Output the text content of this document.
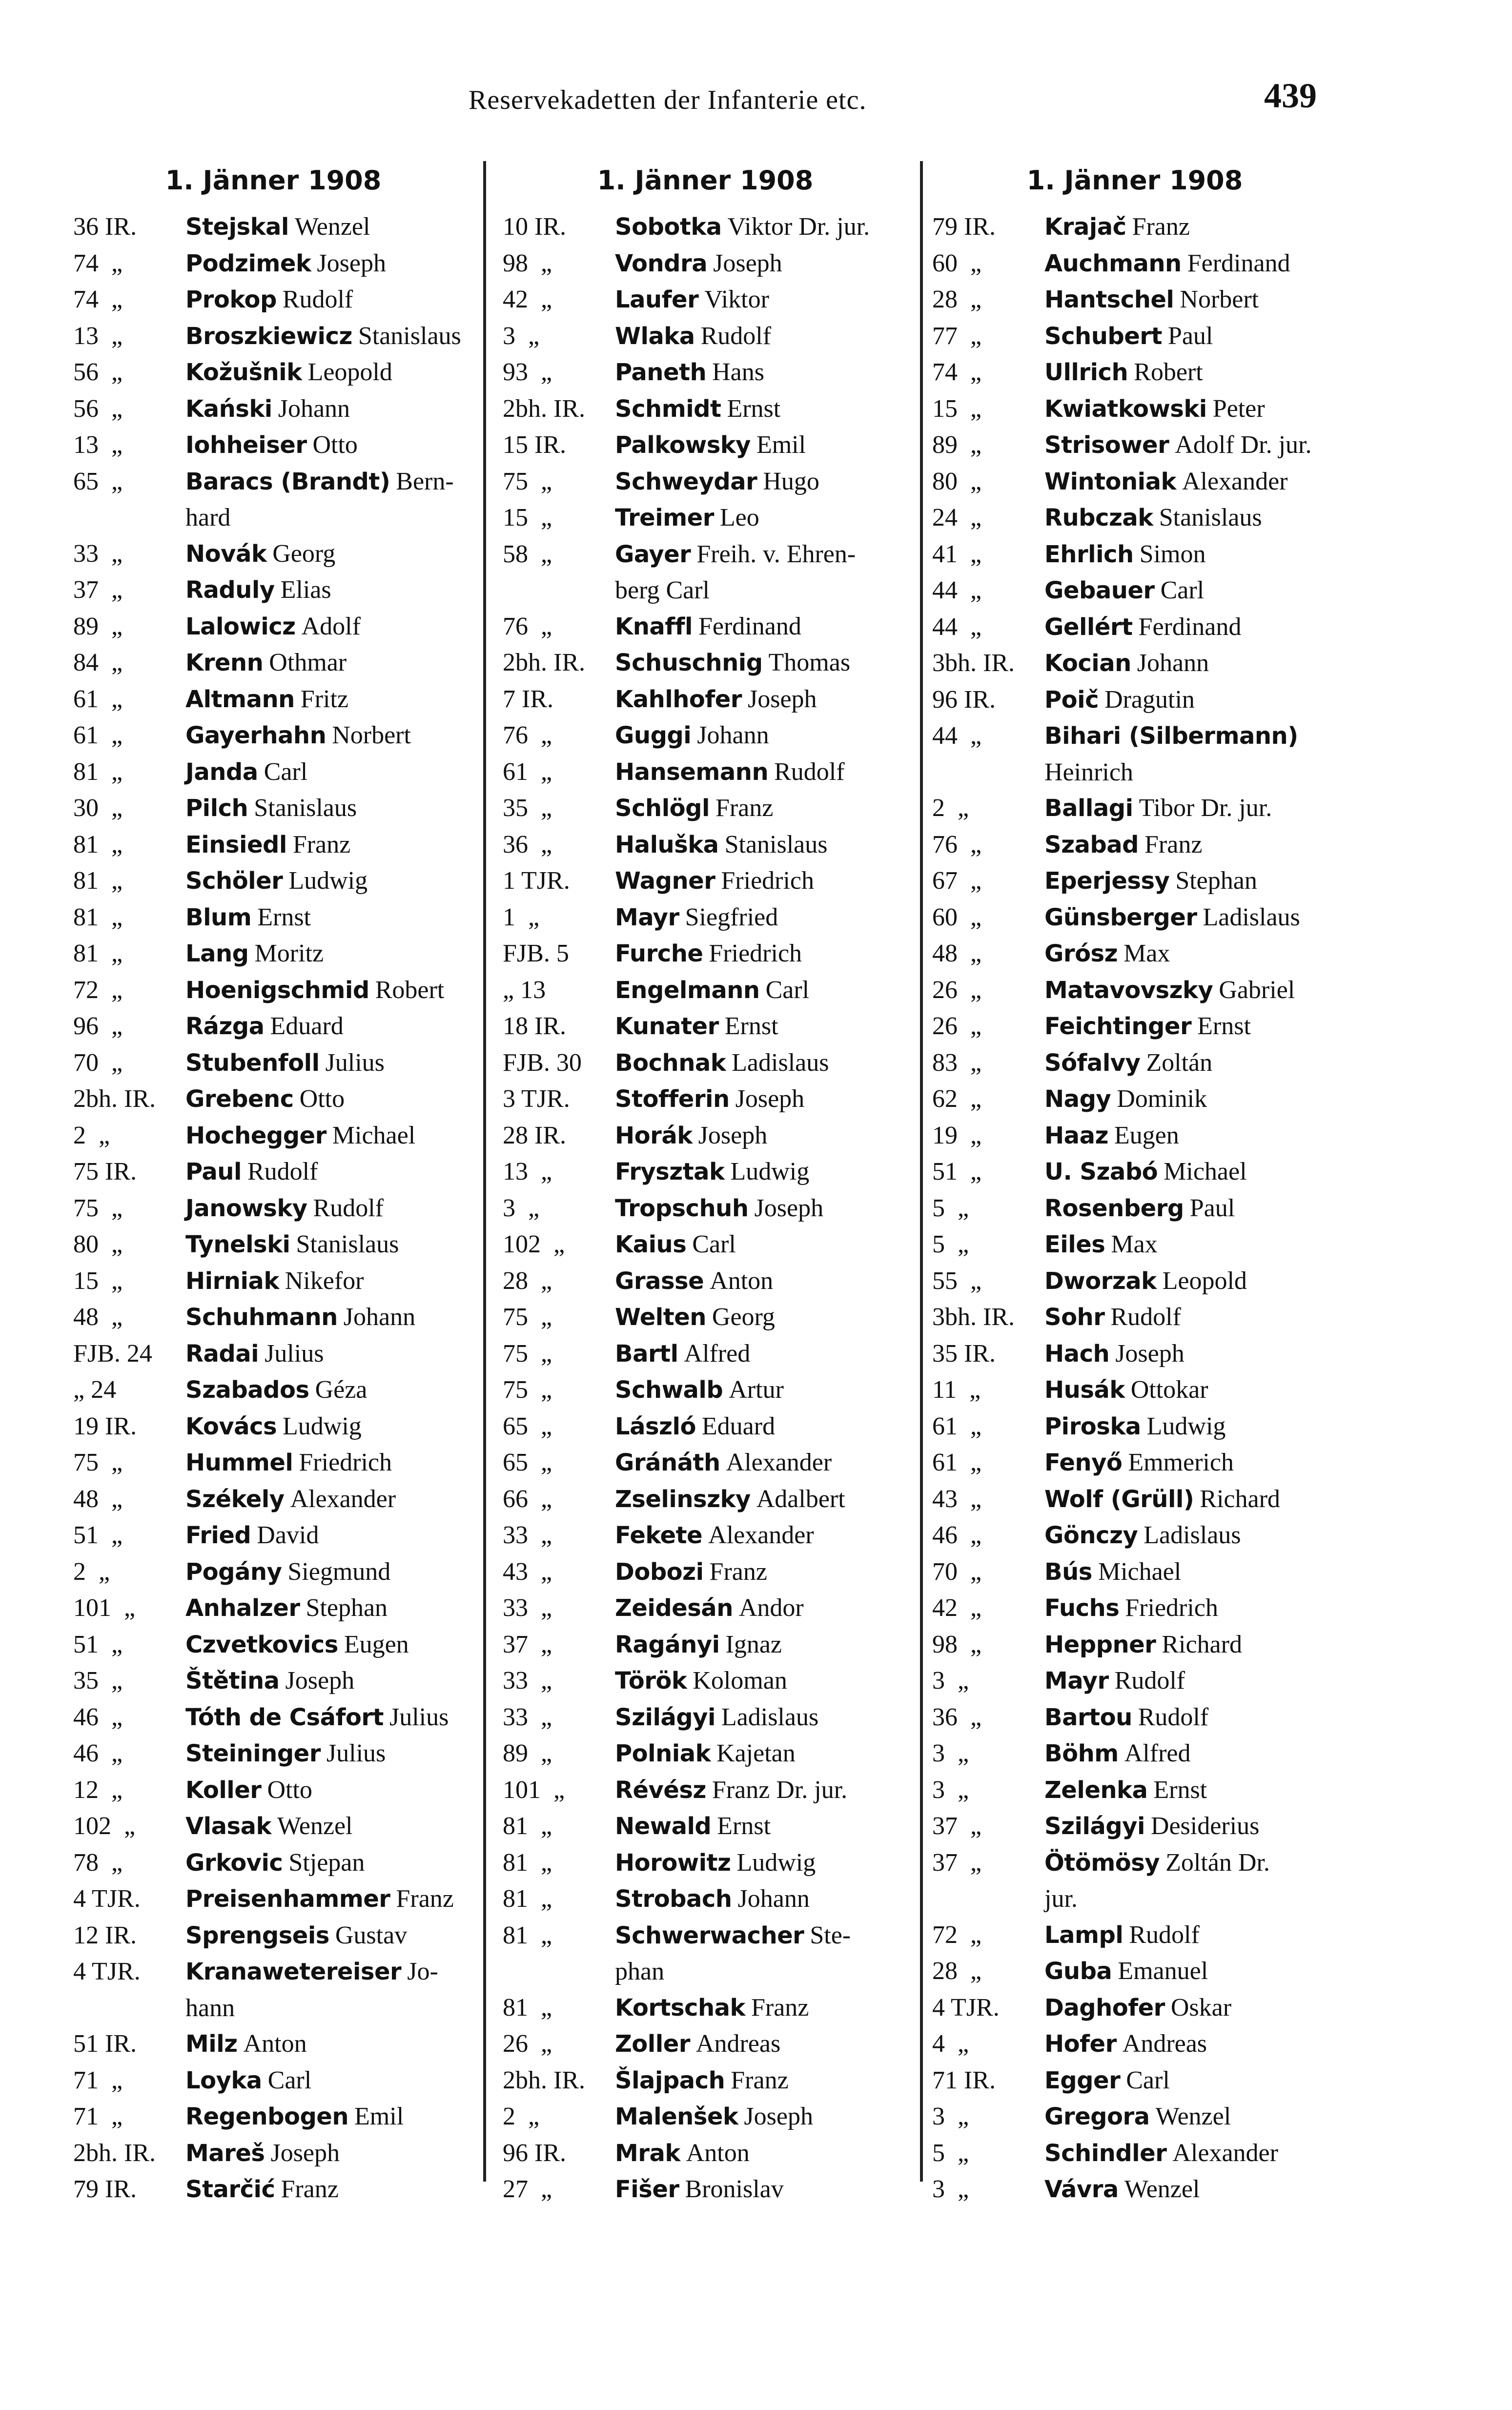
Reservekadetten der Infanterie etc.	439
1. Jänner 1908
36 IR.	Stejskal Wenzel
74  „	Podzimek Joseph
74  „	Prokop Rudolf
13  „	Broszkiewicz Stanislaus
56  „	Kožušnik Leopold
56  „	Kański Johann
13  „	Iohheiser Otto
65  „	Baracs (Brandt) Bern-
hard
33  „	Novák Georg
37  „	Raduly Elias
89  „	Lalowicz Adolf
84  „	Krenn Othmar
61  „	Altmann Fritz
61  „	Gayerhahn Norbert
81  „	Janda Carl
30  „	Pilch Stanislaus
81  „	Einsiedl Franz
81  „	Schöler Ludwig
81  „	Blum Ernst
81  „	Lang Moritz
72  „	Hoenigschmid Robert
96  „	Rázga Eduard
70  „	Stubenfoll Julius
2bh. IR.	Grebenc Otto
2  „	Hochegger Michael
75 IR.	Paul Rudolf
75  „	Janowsky Rudolf
80  „	Tynelski Stanislaus
15  „	Hirniak Nikefor
48  „	Schuhmann Johann
FJB. 24	Radai Julius
„ 24	Szabados Géza
19 IR.	Kovács Ludwig
75  „	Hummel Friedrich
48  „	Székely Alexander
51  „	Fried David
2  „	Pogány Siegmund
101  „	Anhalzer Stephan
51  „	Czvetkovics Eugen
35  „	Štětina Joseph
46  „	Tóth de Csáfort Julius
46  „	Steininger Julius
12  „	Koller Otto
102  „	Vlasak Wenzel
78  „	Grkovic Stjepan
4 TJR.	Preisenhammer Franz
12 IR.	Sprengseis Gustav
4 TJR.	Kranawetereiser Jo-
hann
51 IR.	Milz Anton
71  „	Loyka Carl
71  „	Regenbogen Emil
2bh. IR.	Mareš Joseph
79 IR.	Starčić Franz
1. Jänner 1908
10 IR.	Sobotka Viktor Dr. jur.
98  „	Vondra Joseph
42  „	Laufer Viktor
3  „	Wlaka Rudolf
93  „	Paneth Hans
2bh. IR.	Schmidt Ernst
15 IR.	Palkowsky Emil
75  „	Schweydar Hugo
15  „	Treimer Leo
58  „	Gayer Freih. v. Ehren-
berg Carl
76  „	Knaffl Ferdinand
2bh. IR.	Schuschnig Thomas
7 IR.	Kahlhofer Joseph
76  „	Guggi Johann
61  „	Hansemann Rudolf
35  „	Schlögl Franz
36  „	Haluška Stanislaus
1 TJR.	Wagner Friedrich
1  „	Mayr Siegfried
FJB. 5	Furche Friedrich
„ 13	Engelmann Carl
18 IR.	Kunater Ernst
FJB. 30	Bochnak Ladislaus
3 TJR.	Stofferin Joseph
28 IR.	Horák Joseph
13  „	Frysztak Ludwig
3  „	Tropschuh Joseph
102  „	Kaius Carl
28  „	Grasse Anton
75  „	Welten Georg
75  „	Bartl Alfred
75  „	Schwalb Artur
65  „	László Eduard
65  „	Gránáth Alexander
66  „	Zselinszky Adalbert
33  „	Fekete Alexander
43  „	Dobozi Franz
33  „	Zeidesán Andor
37  „	Ragányi Ignaz
33  „	Török Koloman
33  „	Szilágyi Ladislaus
89  „	Polniak Kajetan
101  „	Révész Franz Dr. jur.
81  „	Newald Ernst
81  „	Horowitz Ludwig
81  „	Strobach Johann
81  „	Schwerwacher Ste-
phan
81  „	Kortschak Franz
26  „	Zoller Andreas
2bh. IR.	Šlajpach Franz
2  „	Malenšek Joseph
96 IR.	Mrak Anton
27  „	Fišer Bronislav
1. Jänner 1908
79 IR.	Krajač Franz
60  „	Auchmann Ferdinand
28  „	Hantschel Norbert
77  „	Schubert Paul
74  „	Ullrich Robert
15  „	Kwiatkowski Peter
89  „	Strisower Adolf Dr. jur.
80  „	Wintoniak Alexander
24  „	Rubczak Stanislaus
41  „	Ehrlich Simon
44  „	Gebauer Carl
44  „	Gellért Ferdinand
3bh. IR.	Kocian Johann
96 IR.	Poič Dragutin
44  „	Bihari (Silbermann)
Heinrich
2  „	Ballagi Tibor Dr. jur.
76  „	Szabad Franz
67  „	Eperjessy Stephan
60  „	Günsberger Ladislaus
48  „	Grósz Max
26  „	Matavovszky Gabriel
26  „	Feichtinger Ernst
83  „	Sófalvy Zoltán
62  „	Nagy Dominik
19  „	Haaz Eugen
51  „	U. Szabó Michael
5  „	Rosenberg Paul
5  „	Eiles Max
55  „	Dworzak Leopold
3bh. IR.	Sohr Rudolf
35 IR.	Hach Joseph
11  „	Husák Ottokar
61  „	Piroska Ludwig
61  „	Fenyő Emmerich
43  „	Wolf (Grüll) Richard
46  „	Gönczy Ladislaus
70  „	Bús Michael
42  „	Fuchs Friedrich
98  „	Heppner Richard
3  „	Mayr Rudolf
36  „	Bartou Rudolf
3  „	Böhm Alfred
3  „	Zelenka Ernst
37  „	Szilágyi Desiderius
37  „	Ötömösy Zoltán Dr.
jur.
72  „	Lampl Rudolf
28  „	Guba Emanuel
4 TJR.	Daghofer Oskar
4  „	Hofer Andreas
71 IR.	Egger Carl
3  „	Gregora Wenzel
5  „	Schindler Alexander
3  „	Vávra Wenzel
